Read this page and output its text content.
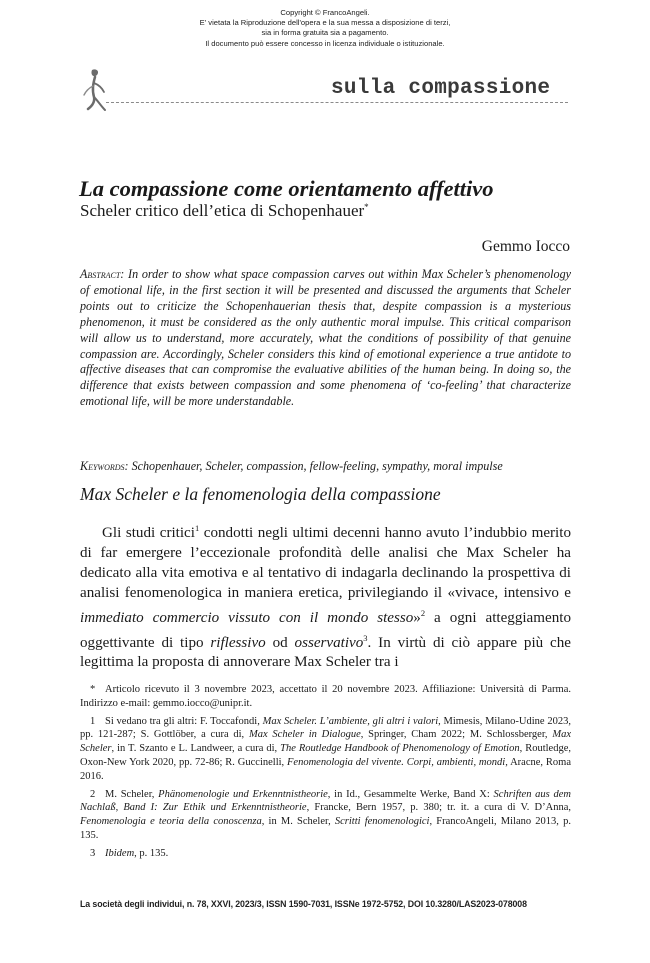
Copyright © FrancoAngeli.
E' vietata la Riproduzione dell'opera e la sua messa a disposizione di terzi,
sia in forma gratuita sia a pagamento.
Il documento può essere concesso in licenza individuale o istituzionale.
sulla compassione
La compassione come orientamento affettivo
Scheler critico dell’etica di Schopenhauer*
Gemmo Iocco
Abstract: In order to show what space compassion carves out within Max Scheler’s phenomenology of emotional life, in the first section it will be presented and discussed the arguments that Scheler points out to criticize the Schopenhauerian thesis that, despite compassion is a mysterious phenomenon, it must be considered as the only authentic moral impulse. This critical comparison will allow us to understand, more accurately, what the conditions of possibility of that genuine compassion are. Accordingly, Scheler considers this kind of emotional experience a true antidote to affective diseases that can compromise the evaluative abilities of the human being. In doing so, the difference that exists between compassion and some phenomena of ‘co-feeling’ that characterize emotional life, will be more understandable.
Keywords: Schopenhauer, Scheler, compassion, fellow-feeling, sympathy, moral impulse
Max Scheler e la fenomenologia della compassione
Gli studi critici$^1$ condotti negli ultimi decenni hanno avuto l’indubbio merito di far emergere l’eccezionale profondità delle analisi che Max Scheler ha dedicato alla vita emotiva e al tentativo di indagarla declinando la prospettiva di analisi fenomenologica in maniera eretica, privilegiando il «vivace, intensivo e immediato commercio vissuto con il mondo stesso»$^2$ a ogni atteggiamento oggettivante di tipo riflessivo od osservativo$^3$. In virtù di ciò appare più che legittima la proposta di annoverare Max Scheler tra i
* Articolo ricevuto il 3 novembre 2023, accettato il 20 novembre 2023. Affiliazione: Università di Parma. Indirizzo e-mail: gemmo.iocco@unipr.it.
1 Si vedano tra gli altri: F. Toccafondi, Max Scheler. L’ambiente, gli altri i valori, Mimesis, Milano-Udine 2023, pp. 121-287; S. Gottlöber, a cura di, Max Scheler in Dialogue, Springer, Cham 2022; M. Schlossberger, Max Scheler, in T. Szanto e L. Landweer, a cura di, The Routledge Handbook of Phenomenology of Emotion, Routledge, Oxon-New York 2020, pp. 72-86; R. Guccinelli, Fenomenologia del vivente. Corpi, ambienti, mondi, Aracne, Roma 2016.
2 M. Scheler, Phänomenologie und Erkenntnistheorie, in Id., Gesammelte Werke, Band X: Schriften aus dem Nachlaß, Band I: Zur Ethik und Erkenntnistheorie, Francke, Bern 1957, p. 380; tr. it. a cura di V. D’Anna, Fenomenologia e teoria della conoscenza, in M. Scheler, Scritti fenomenologici, FrancoAngeli, Milano 2013, p. 135.
3 Ibidem, p. 135.
La società degli individui, n. 78, XXVI, 2023/3, ISSN 1590-7031, ISSNe 1972-5752, DOI 10.3280/LAS2023-078008
